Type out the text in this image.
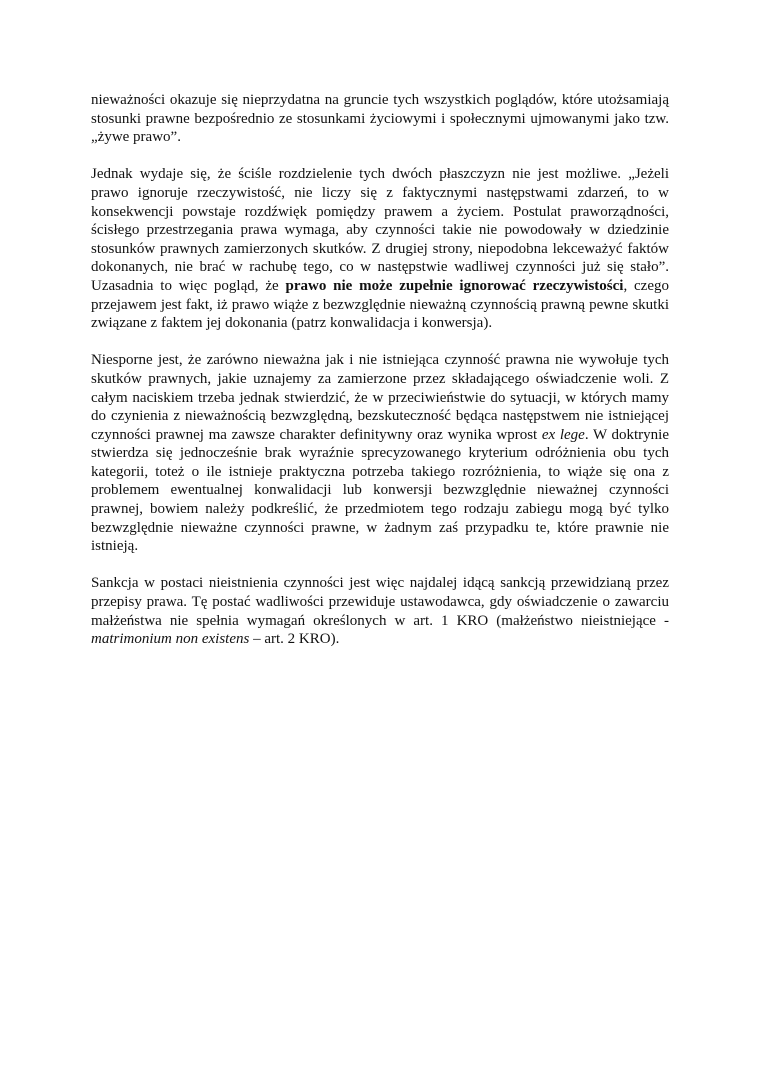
nieważności okazuje się nieprzydatna na gruncie tych wszystkich poglądów, które utożsamiają stosunki prawne bezpośrednio ze stosunkami życiowymi i społecznymi ujmowanymi jako tzw. „żywe prawo”.

Jednak wydaje się, że ściśle rozdzielenie tych dwóch płaszczyzn nie jest możliwe. „Jeżeli prawo ignoruje rzeczywistość, nie liczy się z faktycznymi następstwami zdarzeń, to w konsekwencji powstaje rozdźwięk pomiędzy prawem a życiem. Postulat praworządności, ścisłego przestrzegania prawa wymaga, aby czynności takie nie powodowały w dziedzinie stosunków prawnych zamierzonych skutków. Z drugiej strony, niepodobna lekceważyć faktów dokonanych, nie brać w rachubę tego, co w następstwie wadliwej czynności już się stało”. Uzasadnia to więc pogląd, że prawo nie może zupełnie ignorować rzeczywistości, czego przejawem jest fakt, iż prawo wiąże z bezwzględnie nieważną czynnością prawną pewne skutki związane z faktem jej dokonania (patrz konwalidacja i konwersja).

Niesporne jest, że zarówno nieważna jak i nie istniejąca czynność prawna nie wywołuje tych skutków prawnych, jakie uznajemy za zamierzone przez składającego oświadczenie woli. Z całym naciskiem trzeba jednak stwierdzić, że w przeciwieństwie do sytuacji, w których mamy do czynienia z nieważnością bezwzględną, bezskuteczność będąca następstwem nie istniejącej czynności prawnej ma zawsze charakter definitywny oraz wynika wprost ex lege. W doktrynie stwierdza się jednocześnie brak wyraźnie sprecyzowanego kryterium odróżnienia obu tych kategorii, toteż o ile istnieje praktyczna potrzeba takiego rozróżnienia, to wiąże się ona z problemem ewentualnej konwalidacji lub konwersji bezwzględnie nieważnej czynności prawnej, bowiem należy podkreślić, że przedmiotem tego rodzaju zabiegu mogą być tylko bezwzględnie nieważne czynności prawne, w żadnym zaś przypadku te, które prawnie nie istnieją.

Sankcja w postaci nieistnienia czynności jest więc najdalej idącą sankcją przewidzianą przez przepisy prawa. Tę postać wadliwości przewiduje ustawodawca, gdy oświadczenie o zawarciu małżeństwa nie spełnia wymagań określonych w art. 1 KRO (małżeństwo nieistniejące -matrimonium non existens – art. 2 KRO).
